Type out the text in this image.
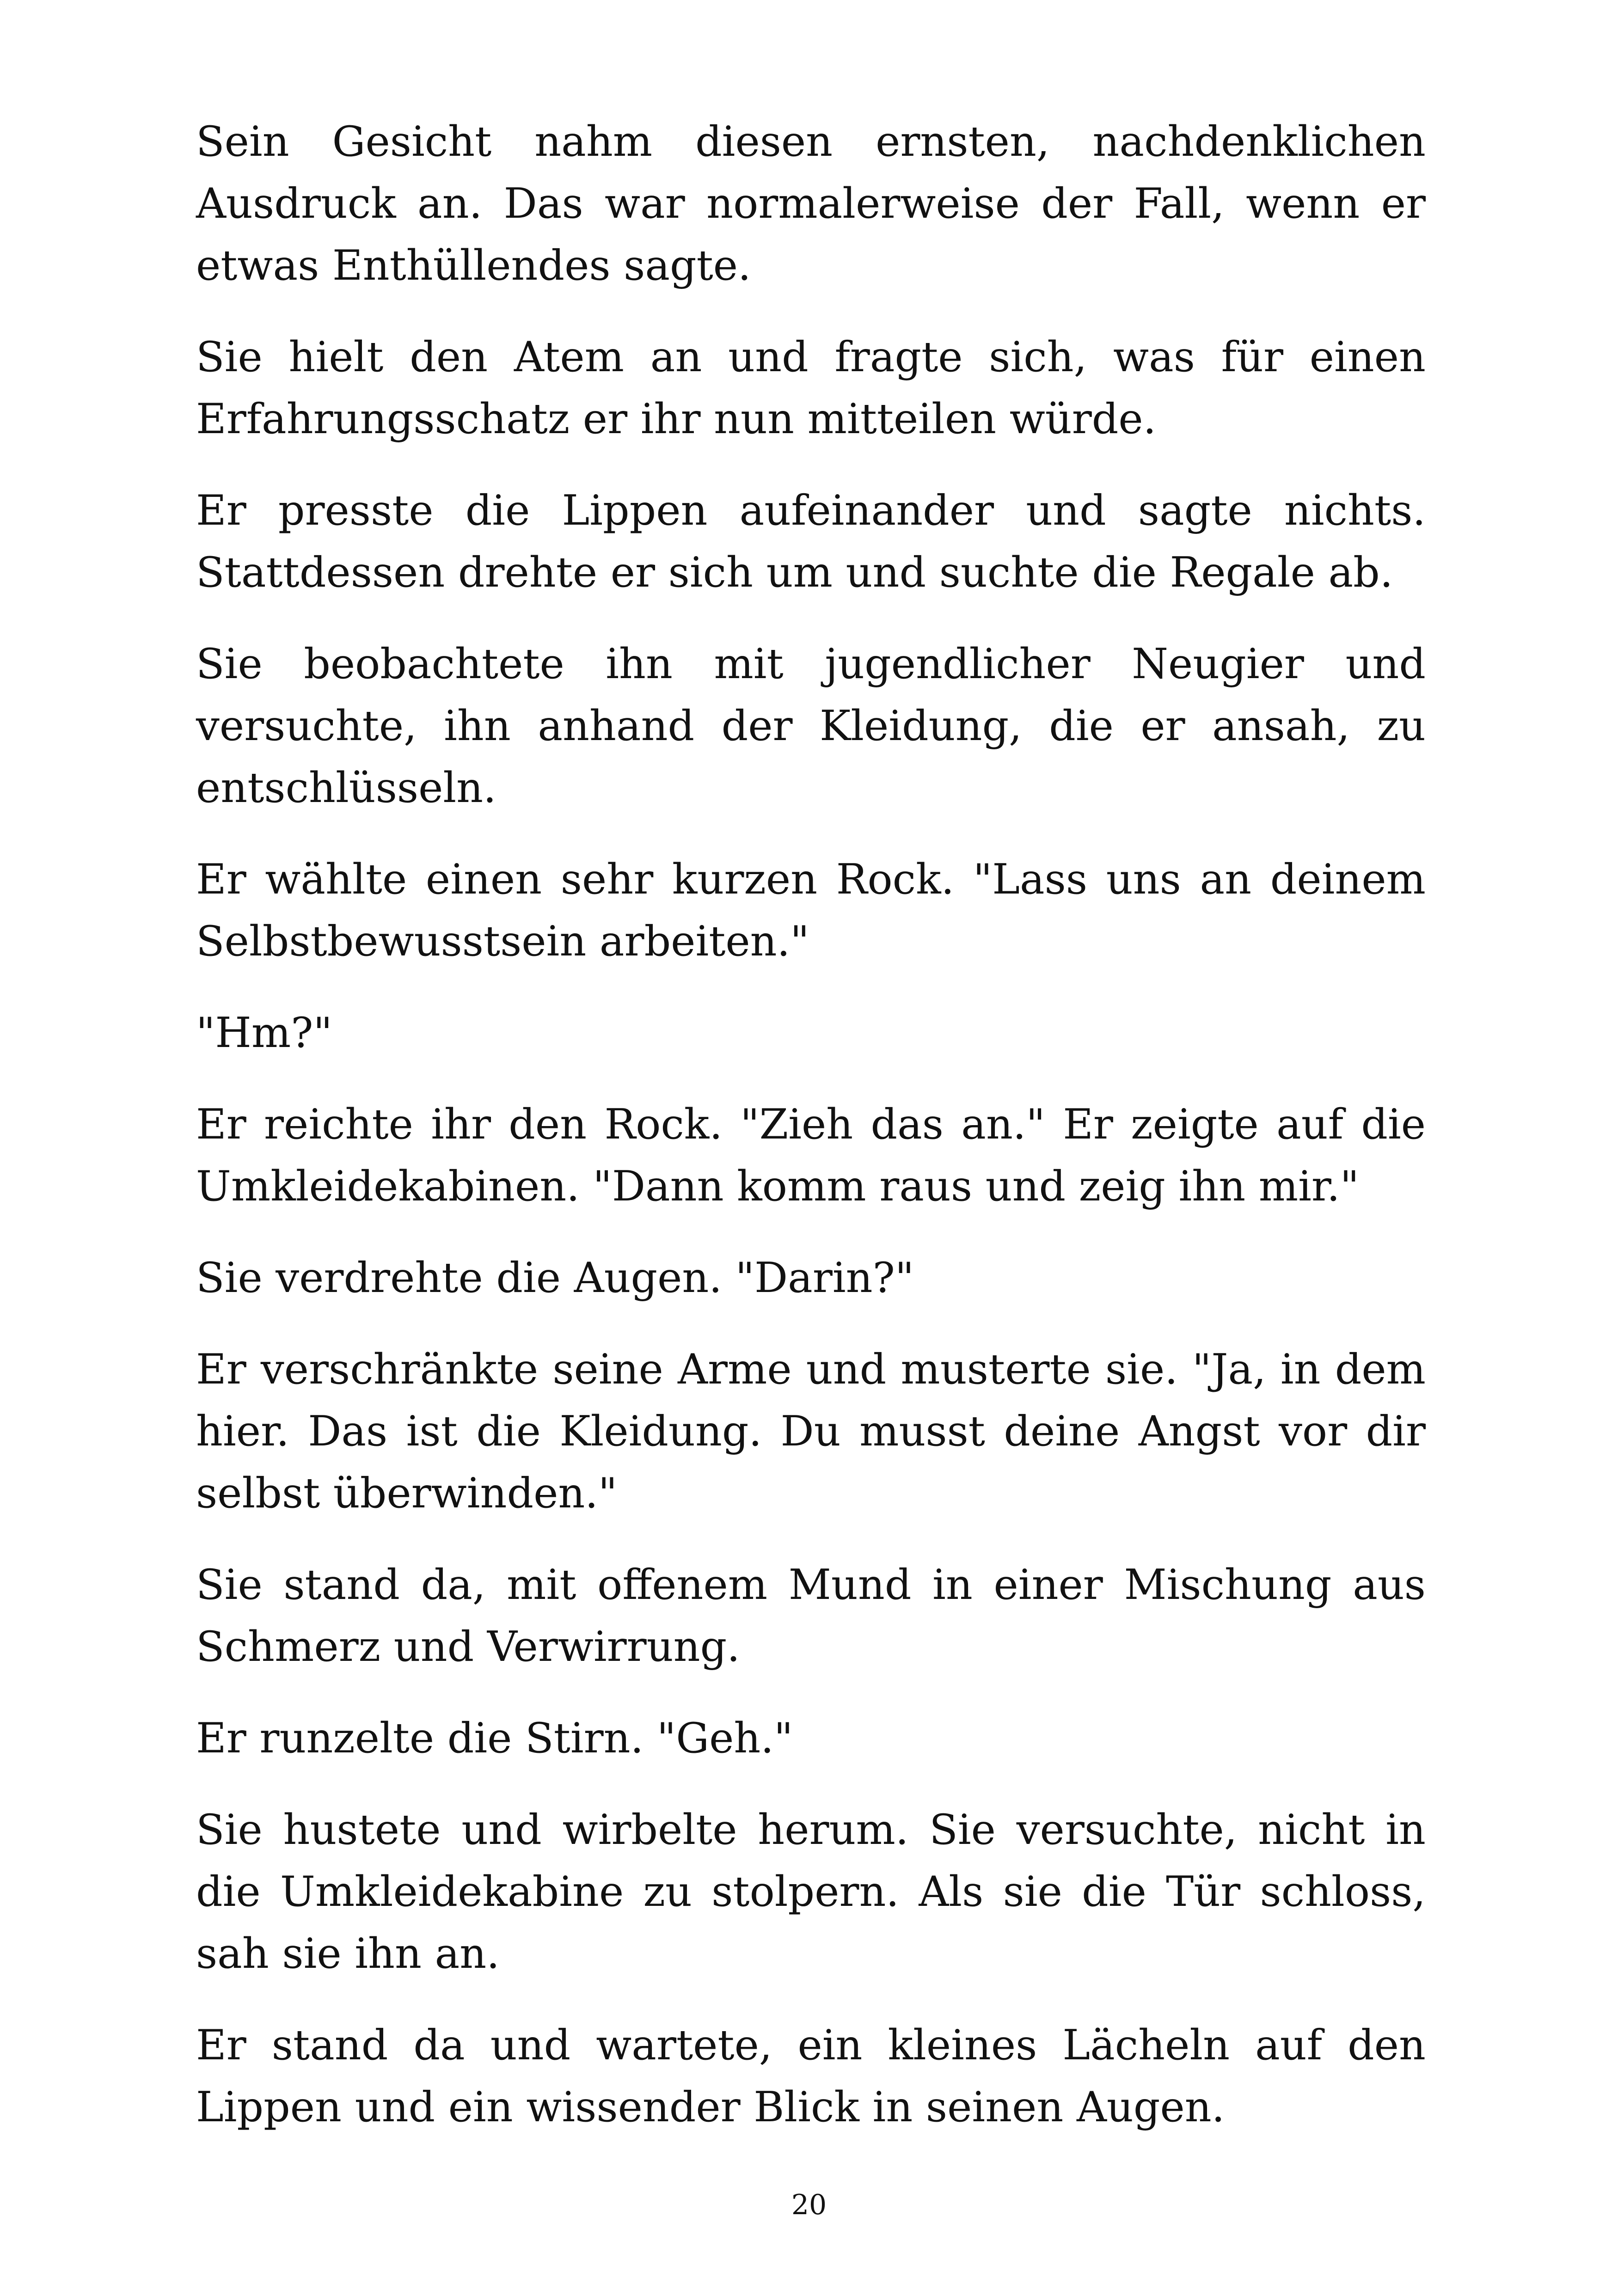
Sein Gesicht nahm diesen ernsten, nachdenklichen Ausdruck an. Das war normalerweise der Fall, wenn er etwas Enthüllendes sagte.

Sie hielt den Atem an und fragte sich, was für einen Erfahrungsschatz er ihr nun mitteilen würde.

Er presste die Lippen aufeinander und sagte nichts. Stattdessen drehte er sich um und suchte die Regale ab.

Sie beobachtete ihn mit jugendlicher Neugier und versuchte, ihn anhand der Kleidung, die er ansah, zu entschlüsseln.

Er wählte einen sehr kurzen Rock. "Lass uns an deinem Selbstbewusstsein arbeiten."

"Hm?"

Er reichte ihr den Rock. "Zieh das an." Er zeigte auf die Umkleidekabinen. "Dann komm raus und zeig ihn mir."

Sie verdrehte die Augen. "Darin?"

Er verschränkte seine Arme und musterte sie. "Ja, in dem hier. Das ist die Kleidung. Du musst deine Angst vor dir selbst überwinden."

Sie stand da, mit offenem Mund in einer Mischung aus Schmerz und Verwirrung.

Er runzelte die Stirn. "Geh."

Sie hustete und wirbelte herum. Sie versuchte, nicht in die Umkleidekabine zu stolpern. Als sie die Tür schloss, sah sie ihn an.

Er stand da und wartete, ein kleines Lächeln auf den Lippen und ein wissender Blick in seinen Augen.

20
